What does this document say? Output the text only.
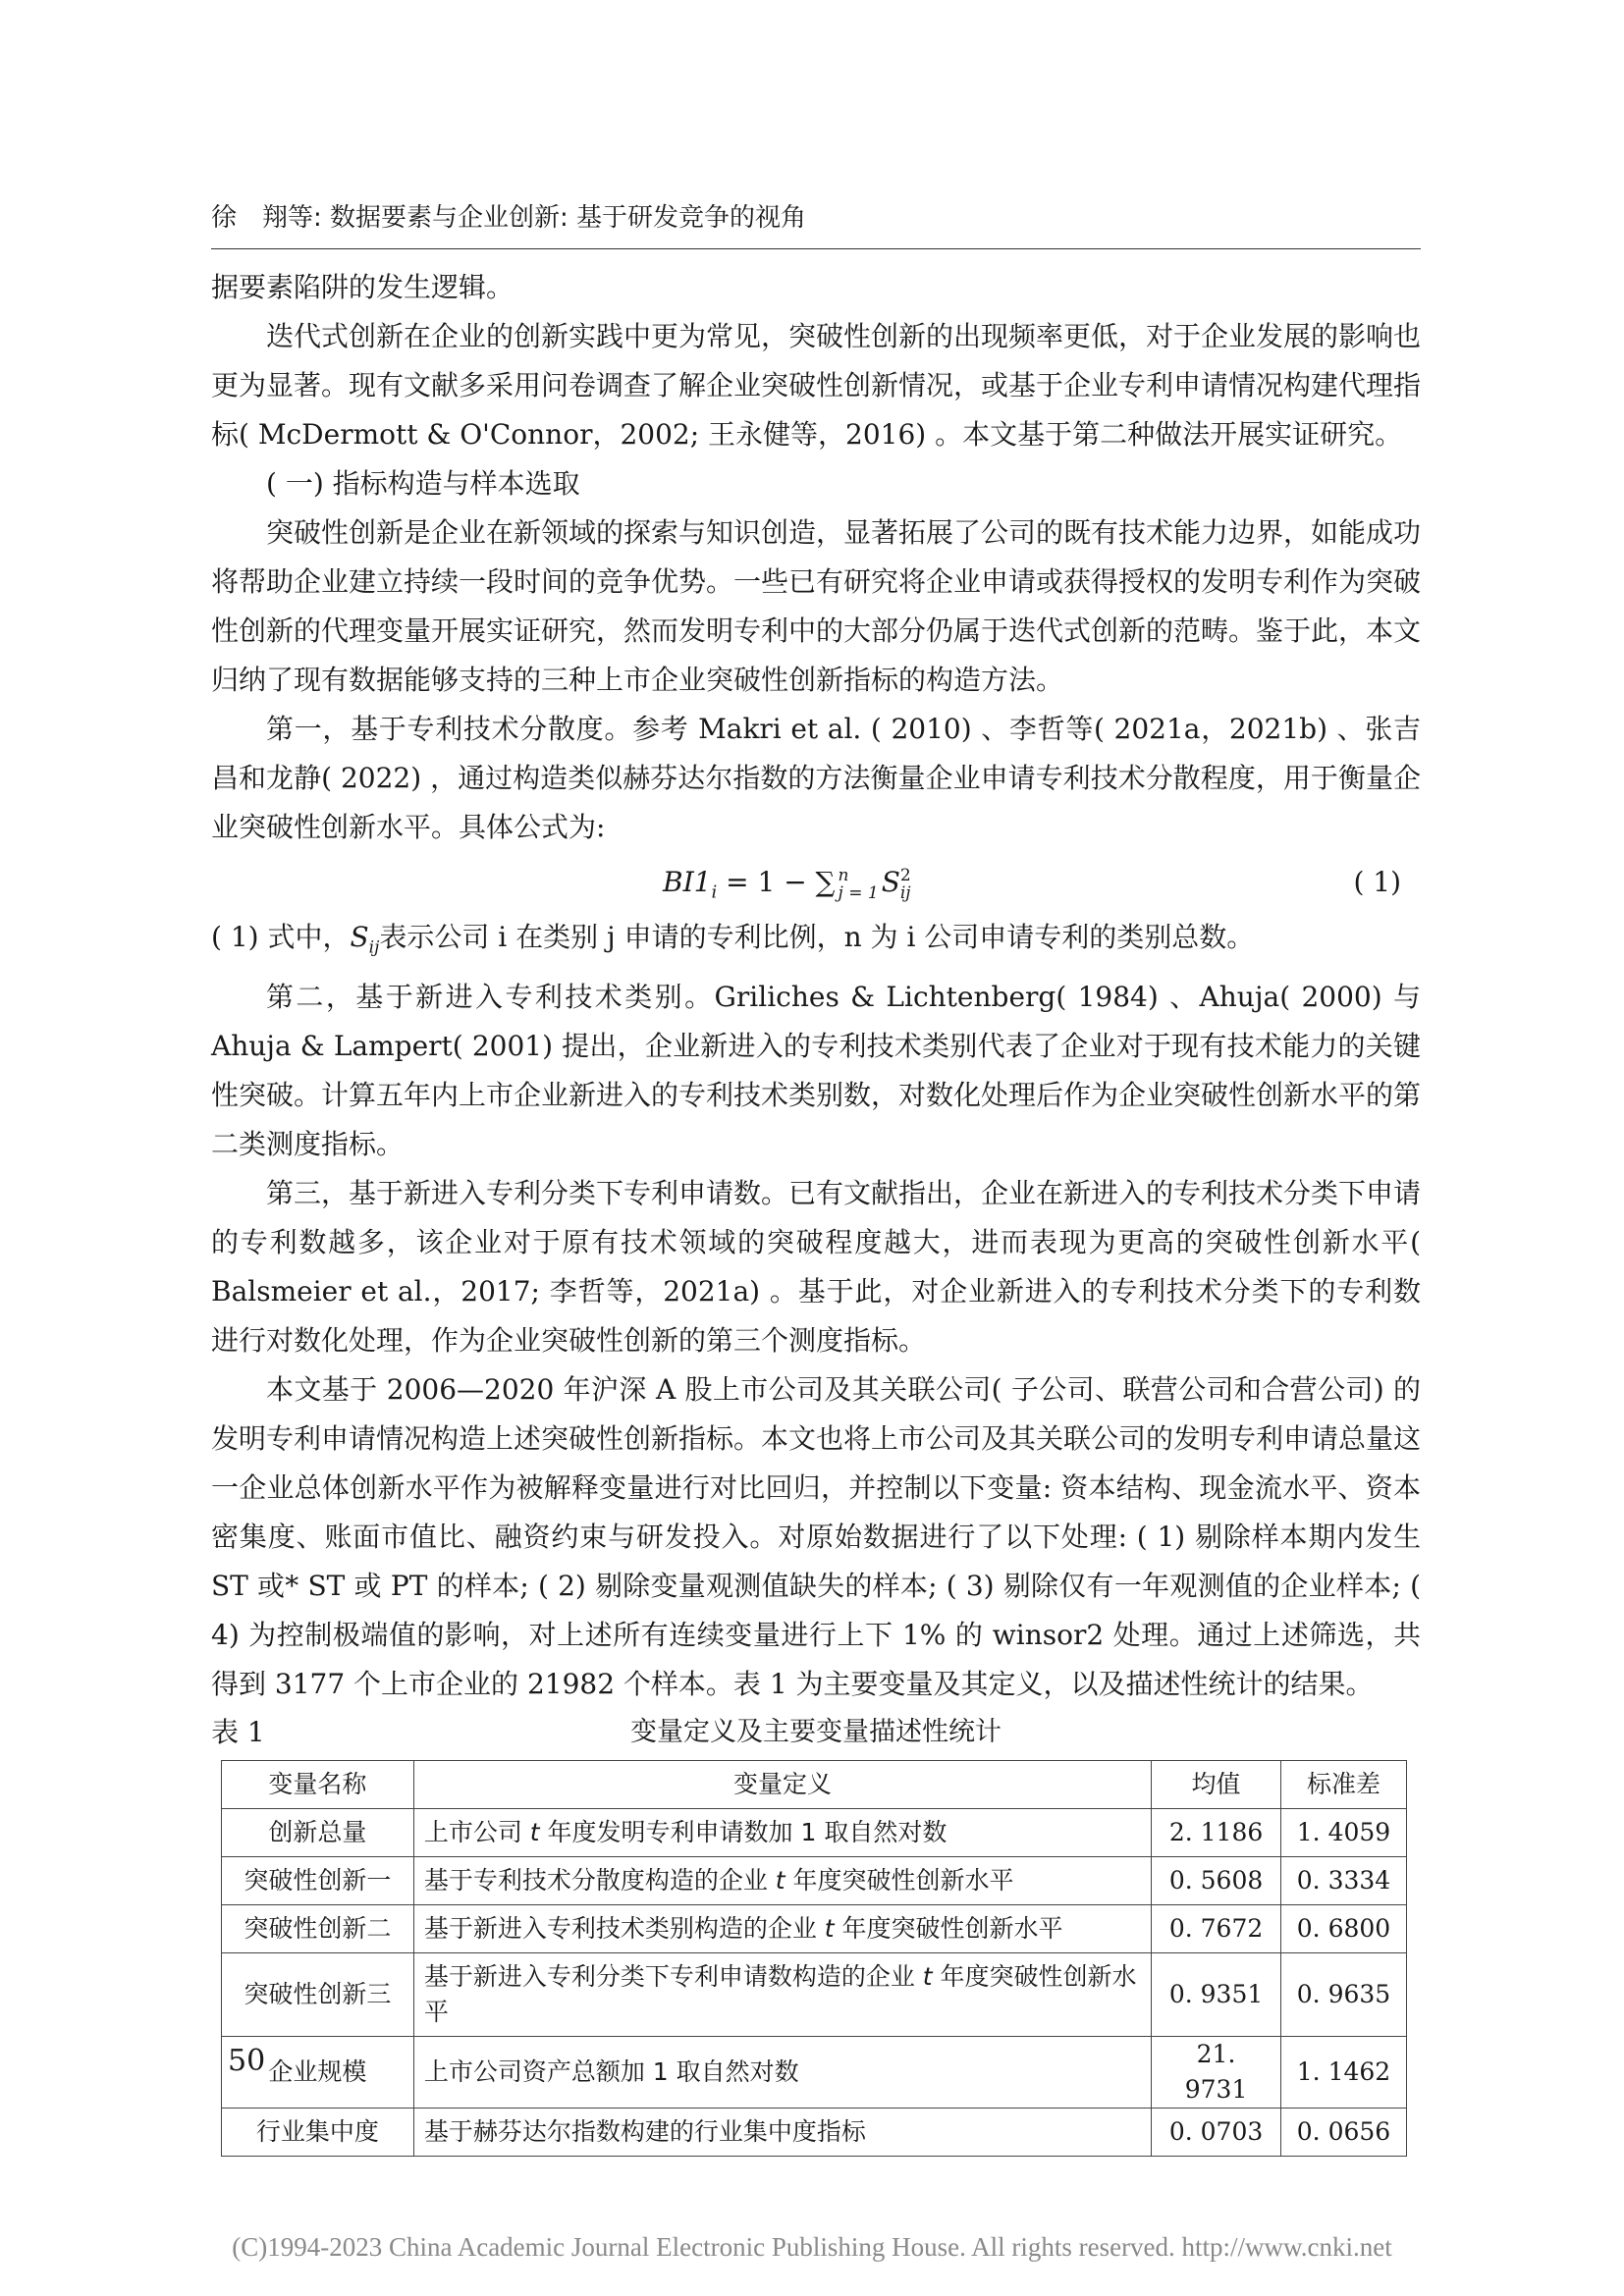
徐　翔等: 数据要素与企业创新: 基于研发竞争的视角

据要素陷阱的发生逻辑。

迭代式创新在企业的创新实践中更为常见，突破性创新的出现频率更低，对于企业发展的影响也更为显著。现有文献多采用问卷调查了解企业突破性创新情况，或基于企业专利申请情况构建代理指标( McDermott & O'Connor，2002; 王永健等，2016) 。本文基于第二种做法开展实证研究。

( 一) 指标构造与样本选取

突破性创新是企业在新领域的探索与知识创造，显著拓展了公司的既有技术能力边界，如能成功将帮助企业建立持续一段时间的竞争优势。一些已有研究将企业申请或获得授权的发明专利作为突破性创新的代理变量开展实证研究，然而发明专利中的大部分仍属于迭代式创新的范畴。鉴于此，本文归纳了现有数据能够支持的三种上市企业突破性创新指标的构造方法。

第一，基于专利技术分散度。参考 Makri et al. ( 2010) 、李哲等( 2021a，2021b) 、张吉昌和龙静( 2022) ，通过构造类似赫芬达尔指数的方法衡量企业申请专利技术分散程度，用于衡量企业突破性创新水平。具体公式为:

$BI1_i = 1$ − ∑ n
j = 1 S 2
ij	( 1)

( 1) 式中，$S_{ij}$表示公司 i 在类别 j 申请的专利比例，n 为 i 公司申请专利的类别总数。

第二，基于新进入专利技术类别。Griliches & Lichtenberg( 1984) 、Ahuja( 2000) 与 Ahuja & Lampert( 2001) 提出，企业新进入的专利技术类别代表了企业对于现有技术能力的关键性突破。计算五年内上市企业新进入的专利技术类别数，对数化处理后作为企业突破性创新水平的第二类测度指标。

第三，基于新进入专利分类下专利申请数。已有文献指出，企业在新进入的专利技术分类下申请的专利数越多，该企业对于原有技术领域的突破程度越大，进而表现为更高的突破性创新水平( Balsmeier et al.，2017; 李哲等，2021a) 。基于此，对企业新进入的专利技术分类下的专利数进行对数化处理，作为企业突破性创新的第三个测度指标。

本文基于 2006—2020 年沪深 A 股上市公司及其关联公司( 子公司、联营公司和合营公司) 的发明专利申请情况构造上述突破性创新指标。本文也将上市公司及其关联公司的发明专利申请总量这一企业总体创新水平作为被解释变量进行对比回归，并控制以下变量: 资本结构、现金流水平、资本密集度、账面市值比、融资约束与研发投入。对原始数据进行了以下处理: ( 1) 剔除样本期内发生 ST 或* ST 或 PT 的样本; ( 2) 剔除变量观测值缺失的样本; ( 3) 剔除仅有一年观测值的企业样本; ( 4) 为控制极端值的影响，对上述所有连续变量进行上下 1% 的 winsor2 处理。通过上述筛选，共得到 3177 个上市企业的 21982 个样本。表 1 为主要变量及其定义，以及描述性统计的结果。

表 1	变量定义及主要变量描述性统计
变量名称	变量定义	均值	标准差
创新总量	上市公司 t 年度发明专利申请数加 1 取自然对数	2. 1186	1. 4059
突破性创新一	基于专利技术分散度构造的企业 t 年度突破性创新水平	0. 5608	0. 3334
突破性创新二	基于新进入专利技术类别构造的企业 t 年度突破性创新水平	0. 7672	0. 6800
突破性创新三	基于新进入专利分类下专利申请数构造的企业 t 年度突破性创新水平	0. 9351	0. 9635
企业规模	上市公司资产总额加 1 取自然对数	21. 9731	1. 1462
行业集中度	基于赫芬达尔指数构建的行业集中度指标	0. 0703	0. 0656
50
(C)1994-2023 China Academic Journal Electronic Publishing House. All rights reserved. http://www.cnki.net
